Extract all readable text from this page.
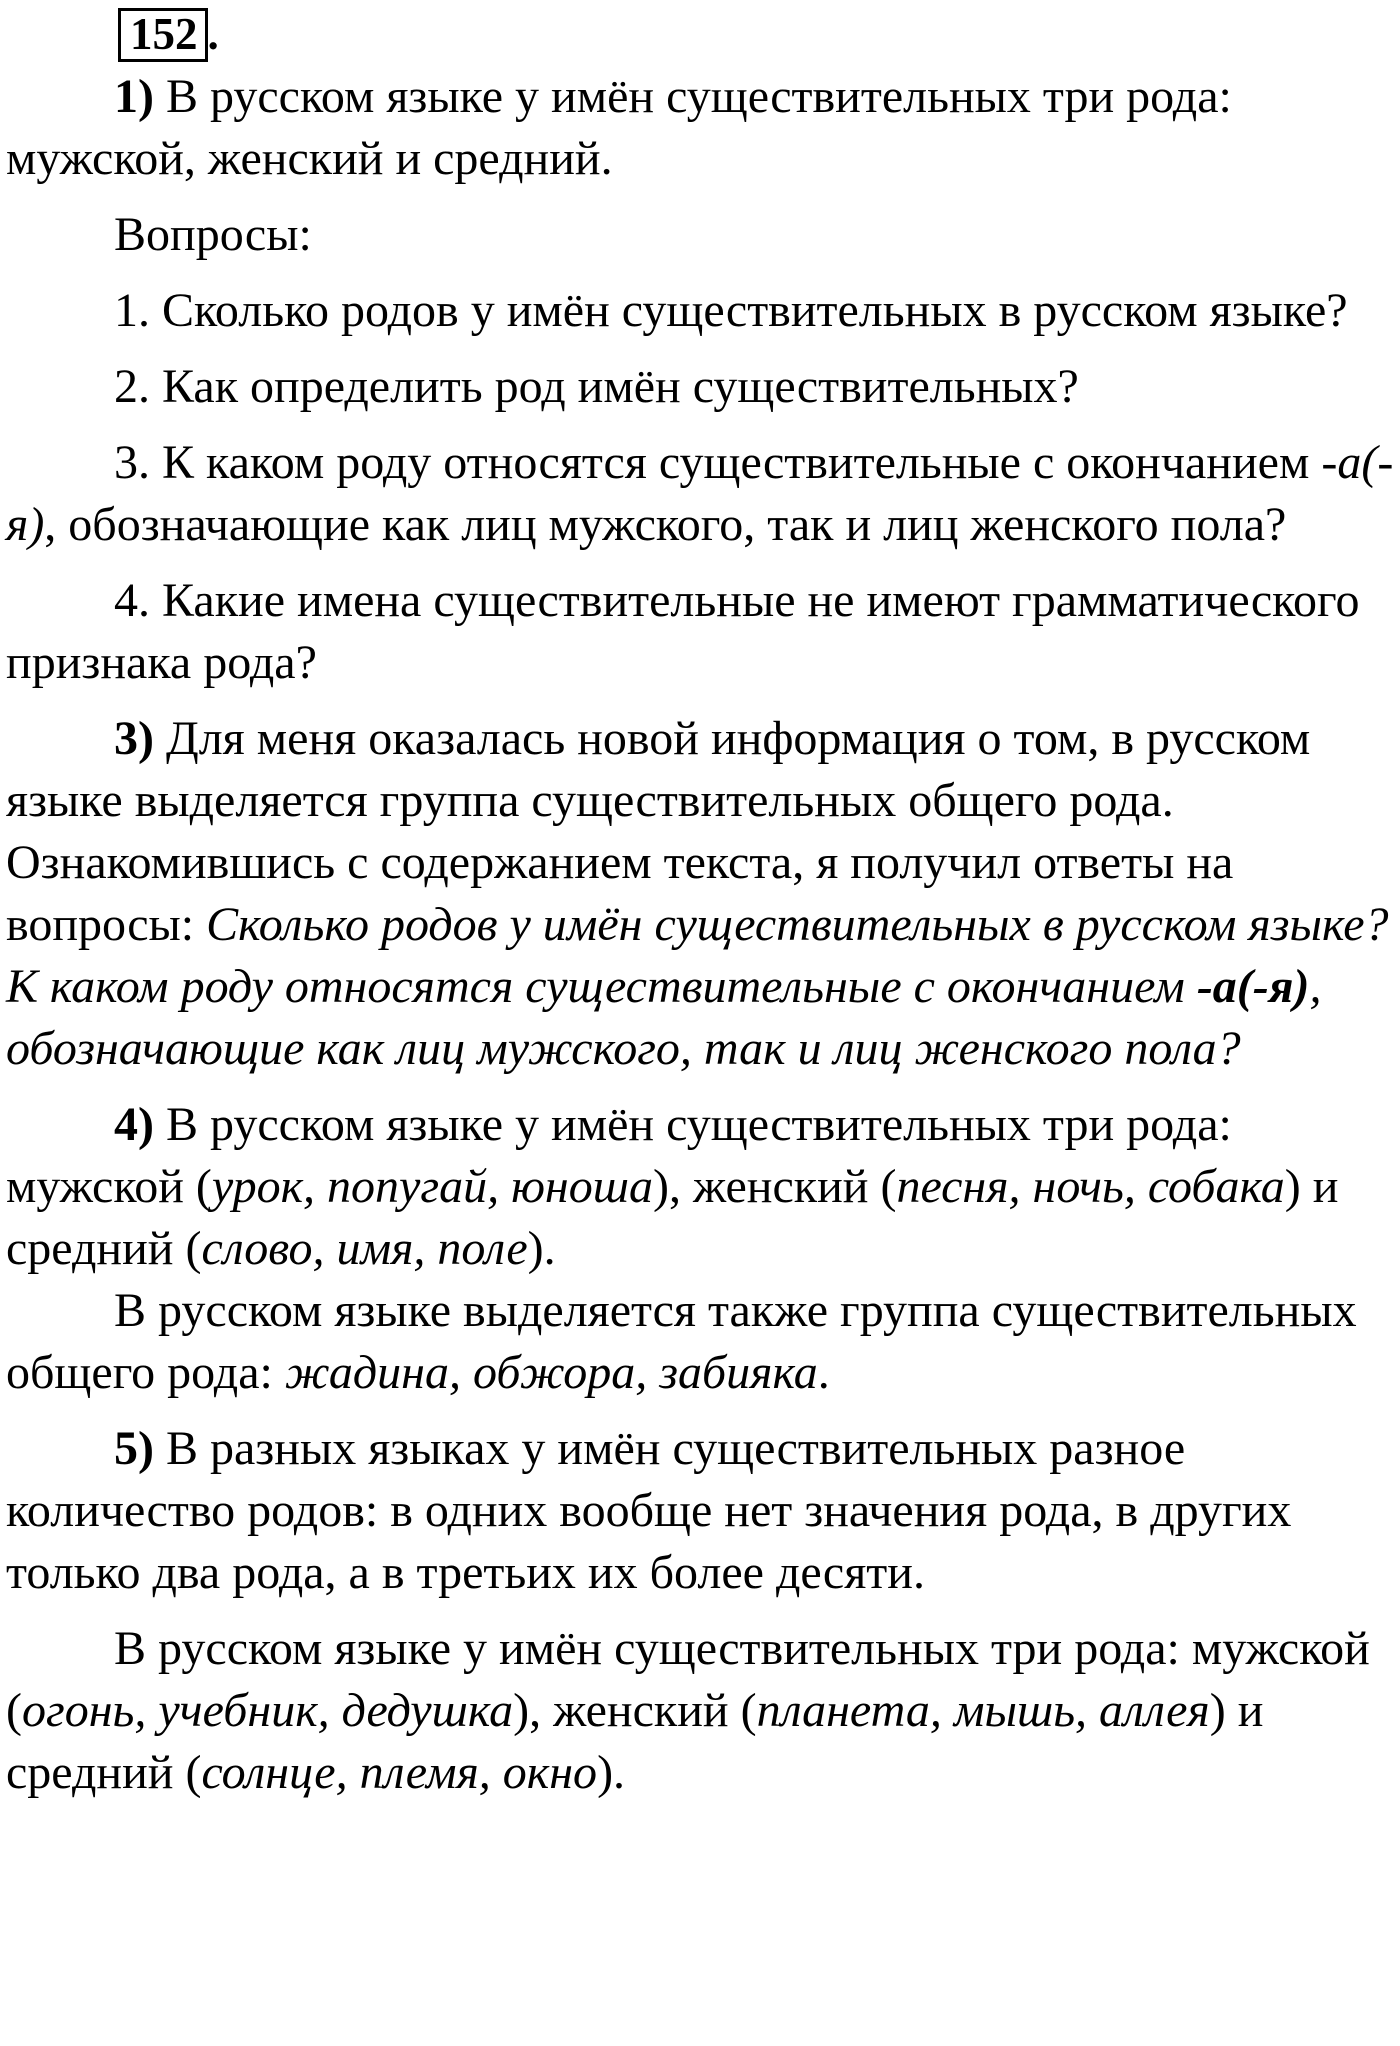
152 .

1) В русском языке у имён существительных три рода: мужской, женский и средний.

Вопросы:

1. Сколько родов у имён существительных в русском языке?

2. Как определить род имён существительных?

3. К каком роду относятся существительные с окончанием -а(-я), обозначающие как лиц мужского, так и лиц женского пола?

4. Какие имена существительные не имеют грамматического признака рода?

3) Для меня оказалась новой информация о том, в русском языке выделяется группа существительных общего рода. Ознакомившись с содержанием текста, я получил ответы на вопросы: Сколько родов у имён существительных в русском языке? К каком роду относятся существительные с окончанием -а(-я), обозначающие как лиц мужского, так и лиц женского пола?

4) В русском языке у имён существительных три рода: мужской (урок, попугай, юноша), женский (песня, ночь, собака) и средний (слово, имя, поле).

В русском языке выделяется также группа существительных общего рода: жадина, обжора, забияка.

5) В разных языках у имён существительных разное количество родов: в одних вообще нет значения рода, в других только два рода, а в третьих их более десяти.

В русском языке у имён существительных три рода: мужской (огонь, учебник, дедушка), женский (планета, мышь, аллея) и средний (солнце, племя, окно).
